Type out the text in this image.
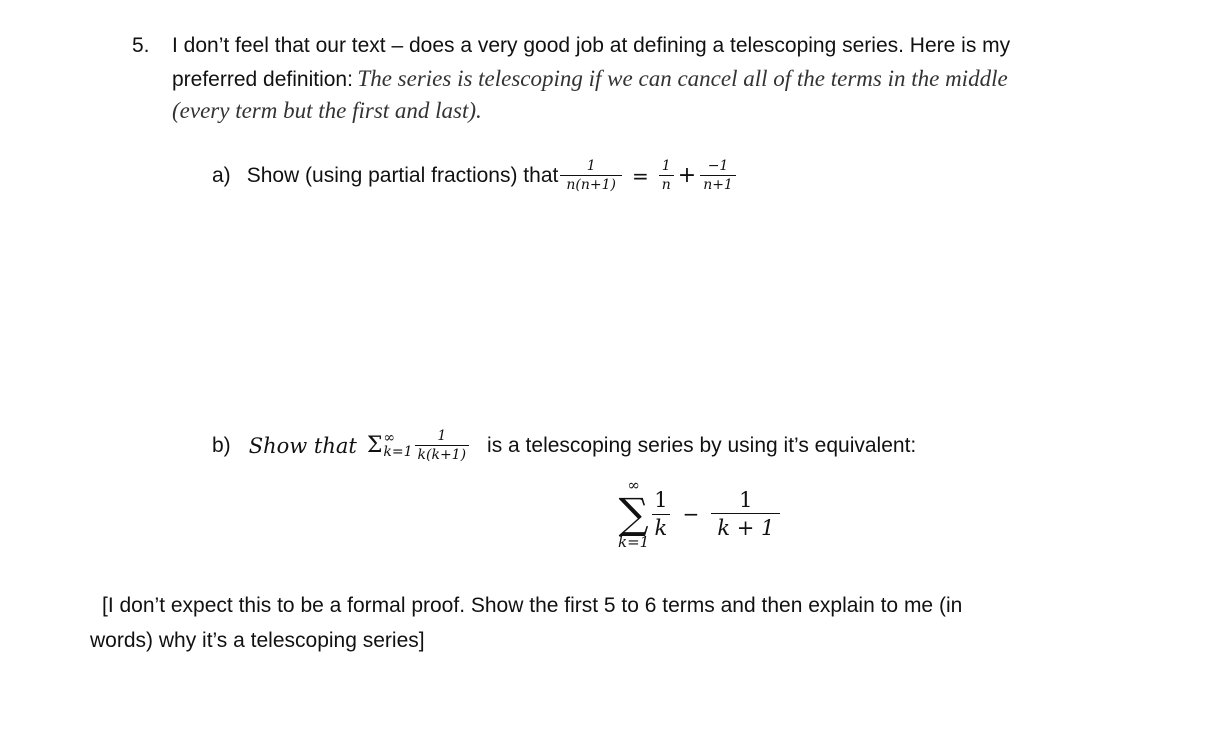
5. I don’t feel that our text – does a very good job at defining a telescoping series. Here is my
preferred definition: The series is telescoping if we can cancel all of the terms in the middle
(every term but the first and last).
a) Show (using partial fractions) that $\frac{1}{n(n+1)} = \frac{1}{n} + \frac{-1}{n+1}$
b) Show that Σ ∞
$k=1 \frac{1}{k(k+1)}$ is a telescoping series by using it’s equivalent:
∞
∑
k=1
$\frac{1}{k} - \frac{1}{k + 1}$
[I don’t expect this to be a formal proof. Show the first 5 to 6 terms and then explain to me (in
words) why it’s a telescoping series]
